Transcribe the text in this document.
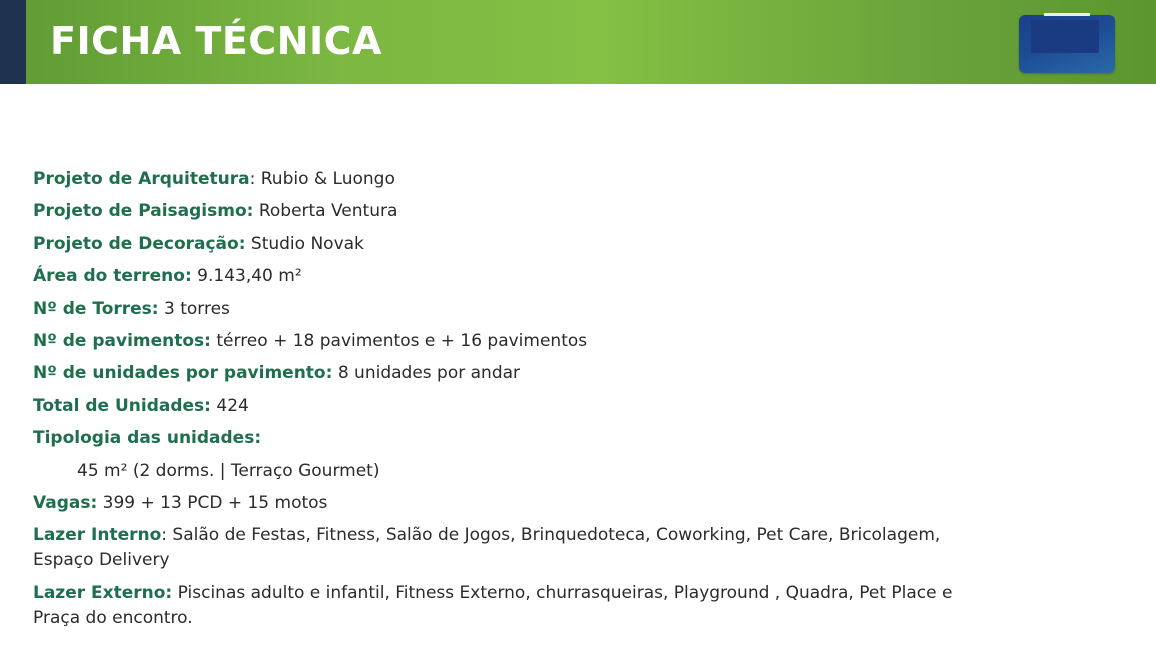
FICHA TÉCNICA
Projeto de Arquitetura: Rubio & Luongo
Projeto de Paisagismo: Roberta Ventura
Projeto de Decoração: Studio Novak
Área do terreno: 9.143,40 m²
Nº de Torres: 3 torres
Nº de pavimentos: térreo + 18 pavimentos e + 16 pavimentos
Nº de unidades por pavimento: 8 unidades por andar
Total de Unidades: 424
Tipologia das unidades:
45 m² (2 dorms. | Terraço Gourmet)
Vagas: 399 + 13 PCD + 15 motos
Lazer Interno: Salão de Festas, Fitness, Salão de Jogos, Brinquedoteca, Coworking, Pet Care, Bricolagem, Espaço Delivery
Lazer Externo: Piscinas adulto e infantil, Fitness Externo, churrasqueiras, Playground , Quadra, Pet Place e Praça do encontro.
